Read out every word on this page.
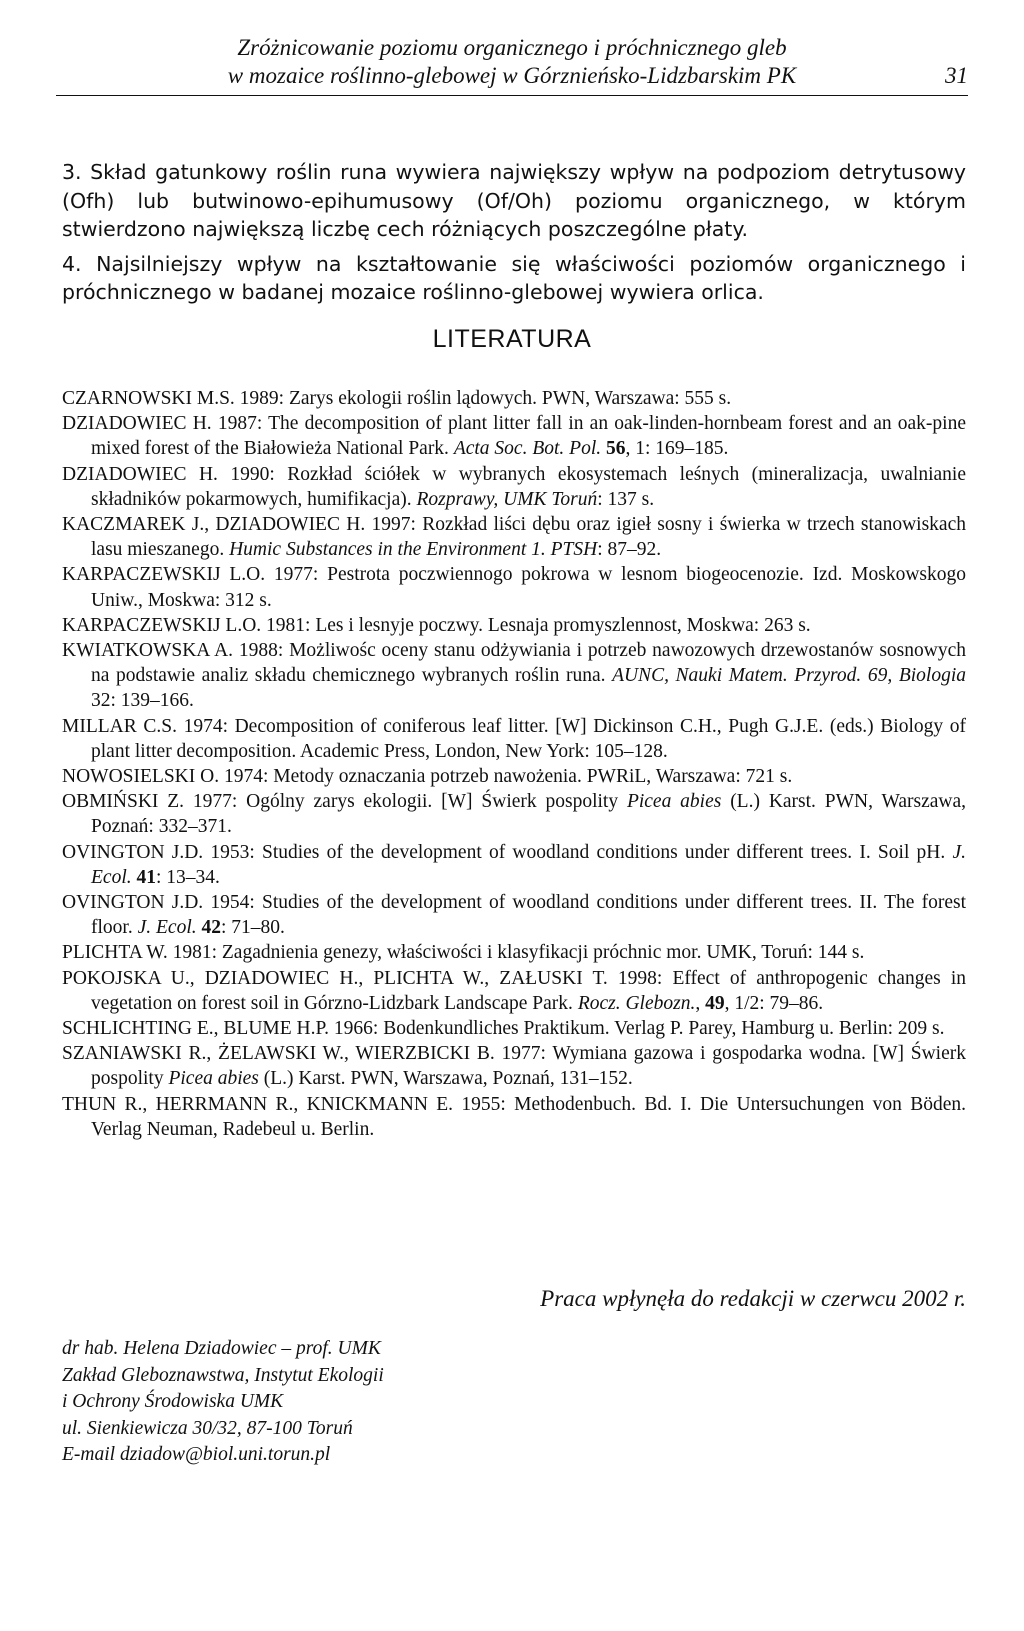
Zróżnicowanie poziomu organicznego i próchnicznego gleb

w mozaice roślinno-glebowej w Górznieńsko-Lidzbarskim PK	31

3. Skład gatunkowy roślin runa wywiera największy wpływ na podpoziom detrytusowy (Ofh) lub butwinowo-epihumusowy (Of/Oh) poziomu organicznego, w którym stwierdzono największą liczbę cech różniących poszczególne płaty.

4. Najsilniejszy wpływ na kształtowanie się właściwości poziomów organicznego i próchnicznego w badanej mozaice roślinno-glebowej wywiera orlica.

LITERATURA

CZARNOWSKI M.S. 1989: Zarys ekologii roślin lądowych. PWN, Warszawa: 555 s.

DZIADOWIEC H. 1987: The decomposition of plant litter fall in an oak-linden-hornbeam forest and an oak-pine mixed forest of the Białowieża National Park. Acta Soc. Bot. Pol. 56, 1: 169–185.

DZIADOWIEC H. 1990: Rozkład ściółek w wybranych ekosystemach leśnych (mineralizacja, uwalnianie składników pokarmowych, humifikacja). Rozprawy, UMK Toruń: 137 s.

KACZMAREK J., DZIADOWIEC H. 1997: Rozkład liści dębu oraz igieł sosny i świerka w trzech stanowiskach lasu mieszanego. Humic Substances in the Environment 1. PTSH: 87–92.

KARPACZEWSKIJ L.O. 1977: Pestrota poczwiennogo pokrowa w lesnom biogeocenozie. Izd. Moskowskogo Uniw., Moskwa: 312 s.

KARPACZEWSKIJ L.O. 1981: Les i lesnyje poczwy. Lesnaja promyszlennost, Moskwa: 263 s.

KWIATKOWSKA A. 1988: Możliwośc oceny stanu odżywiania i potrzeb nawozowych drzewostanów sosnowych na podstawie analiz składu chemicznego wybranych roślin runa. AUNC, Nauki Matem. Przyrod. 69, Biologia 32: 139–166.

MILLAR C.S. 1974: Decomposition of coniferous leaf litter. [W] Dickinson C.H., Pugh G.J.E. (eds.) Biology of plant litter decomposition. Academic Press, London, New York: 105–128.

NOWOSIELSKI O. 1974: Metody oznaczania potrzeb nawożenia. PWRiL, Warszawa: 721 s.

OBMIŃSKI Z. 1977: Ogólny zarys ekologii. [W] Świerk pospolity Picea abies (L.) Karst. PWN, Warszawa, Poznań: 332–371.

OVINGTON J.D. 1953: Studies of the development of woodland conditions under different trees. I. Soil pH. J. Ecol. 41: 13–34.

OVINGTON J.D. 1954: Studies of the development of woodland conditions under different trees. II. The forest floor. J. Ecol. 42: 71–80.

PLICHTA W. 1981: Zagadnienia genezy, właściwości i klasyfikacji próchnic mor. UMK, Toruń: 144 s.

POKOJSKA U., DZIADOWIEC H., PLICHTA W., ZAŁUSKI T. 1998: Effect of anthropogenic changes in vegetation on forest soil in Górzno-Lidzbark Landscape Park. Rocz. Glebozn., 49, 1/2: 79–86.

SCHLICHTING E., BLUME H.P. 1966: Bodenkundliches Praktikum. Verlag P. Parey, Hamburg u. Berlin: 209 s.

SZANIAWSKI R., ŻELAWSKI W., WIERZBICKI B. 1977: Wymiana gazowa i gospodarka wodna. [W] Świerk pospolity Picea abies (L.) Karst. PWN, Warszawa, Poznań, 131–152.

THUN R., HERRMANN R., KNICKMANN E. 1955: Methodenbuch. Bd. I. Die Untersuchungen von Böden. Verlag Neuman, Radebeul u. Berlin.

Praca wpłynęła do redakcji w czerwcu 2002 r.
dr hab. Helena Dziadowiec – prof. UMK
Zakład Gleboznawstwa, Instytut Ekologii
i Ochrony Środowiska UMK
ul. Sienkiewicza 30/32, 87-100 Toruń
E-mail dziadow@biol.uni.torun.pl
